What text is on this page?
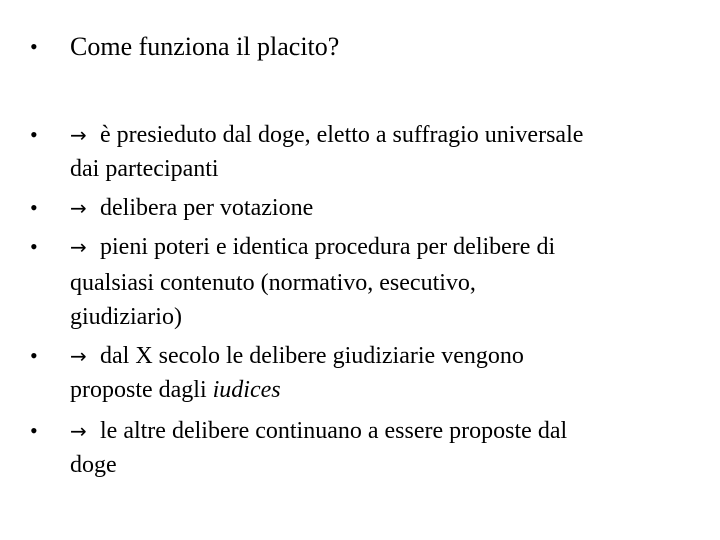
• Come funziona il placito?
• → è presieduto dal doge, eletto a suffragio universale
dai partecipanti
• → delibera per votazione
• → pieni poteri e identica procedura per delibere di
qualsiasi contenuto (normativo, esecutivo,
giudiziario)
• → dal X secolo le delibere giudiziarie vengono
proposte dagli iudices
• → le altre delibere continuano a essere proposte dal
doge
